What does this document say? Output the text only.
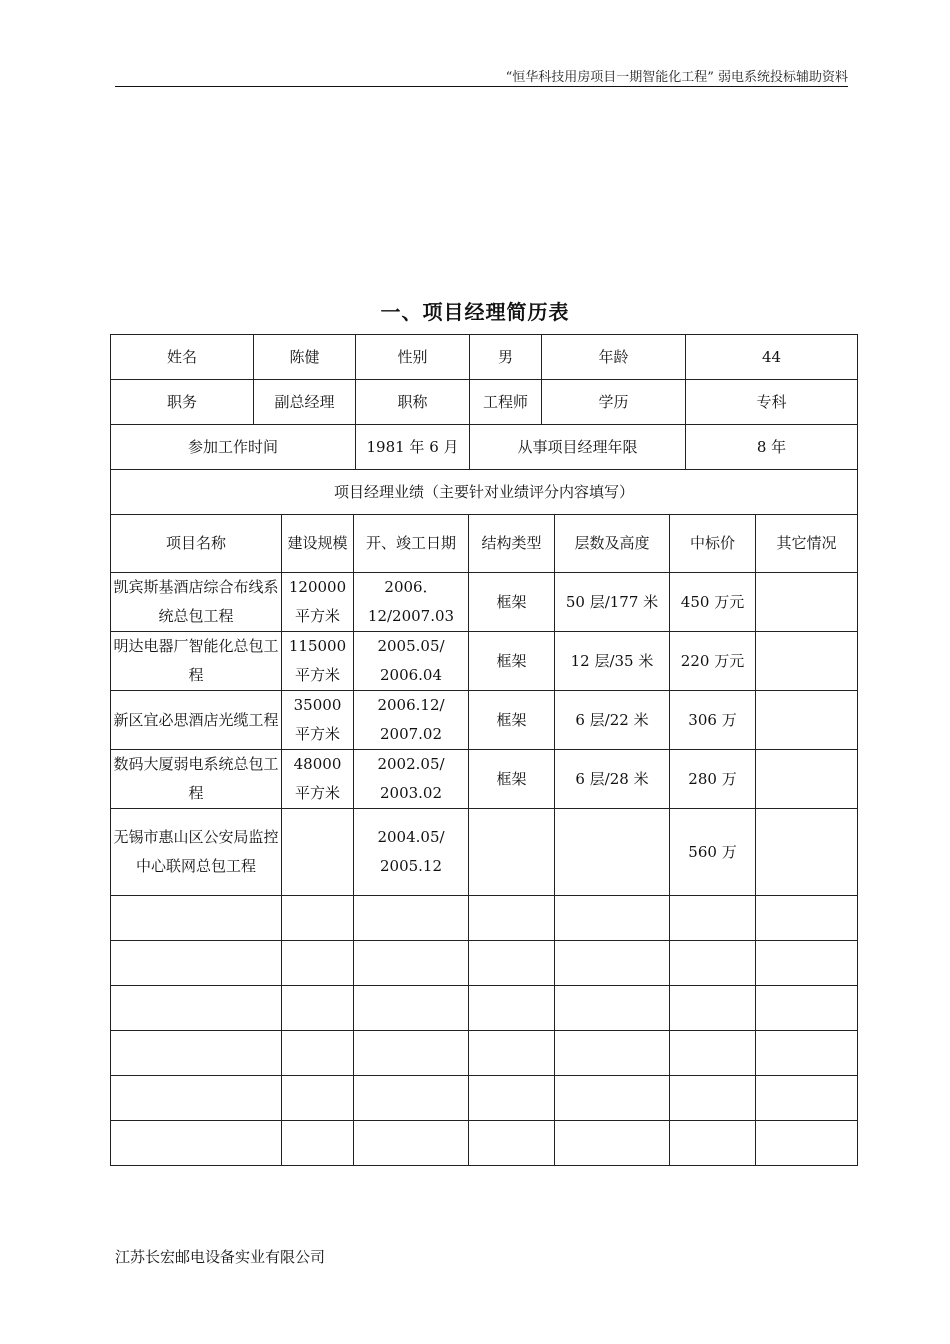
“恒华科技用房项目一期智能化工程” 弱电系统投标辅助资料
一、项目经理简历表
姓名	陈健	性别	男	年龄	44
职务	副总经理	职称	工程师	学历	专科
参加工作时间		1981 年 6 月	从事项目经理年限		8 年
项目经理业绩（主要针对业绩评分内容填写）					
项目名称	建设规模	开、竣工日期	结构类型	层数及高度	中标价	其它情况
凯宾斯基酒店综合布线系统总包工程	120000 平方米	2006．12/2007.03	框架	50 层/177 米	450 万元	
明达电器厂智能化总包工程	115000 平方米	2005.05/ 2006.04	框架	12 层/35 米	220 万元	
新区宜必思酒店光缆工程	35000 平方米	2006.12/ 2007.02	框架	6 层/22 米	306 万	
数码大厦弱电系统总包工程	48000 平方米	2002.05/ 2003.02	框架	6 层/28 米	280 万	
无锡市惠山区公安局监控中心联网总包工程		2004.05/ 2005.12			560 万	

江苏长宏邮电设备实业有限公司
